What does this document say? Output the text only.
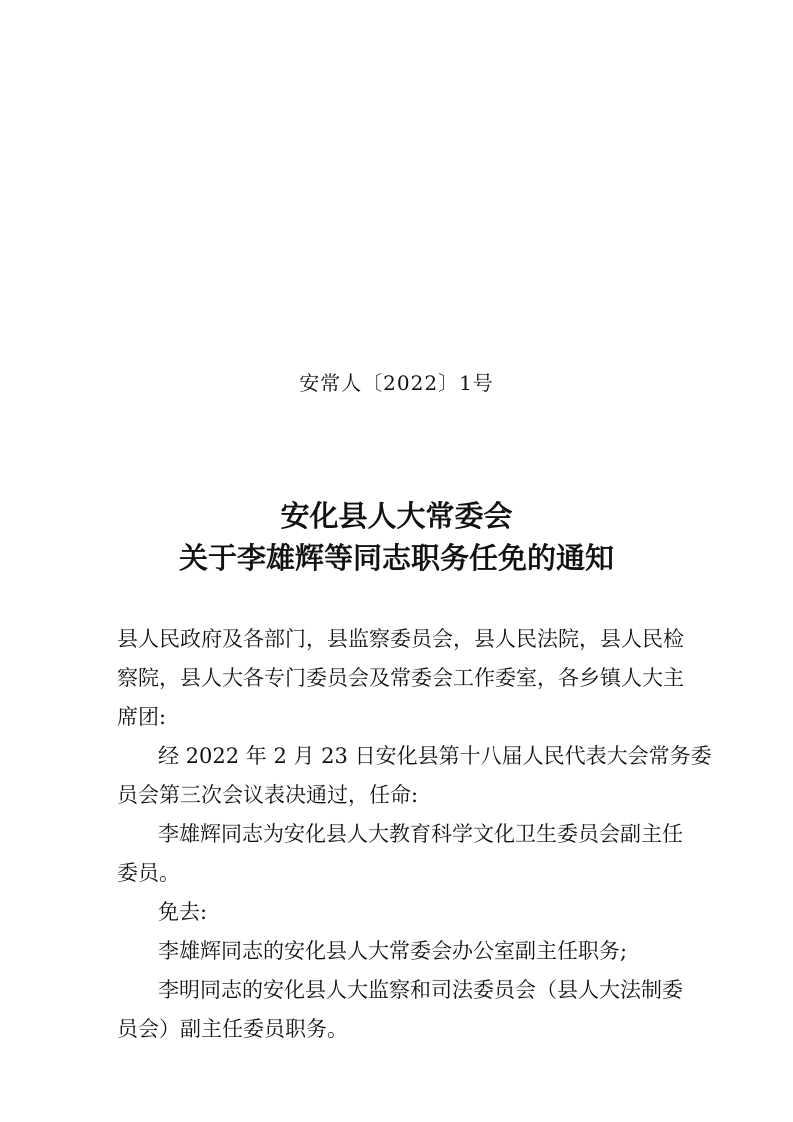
安常人〔2022〕1号
安化县人大常委会
关于李雄辉等同志职务任免的通知
县人民政府及各部门，县监察委员会，县人民法院，县人民检
察院，县人大各专门委员会及常委会工作委室，各乡镇人大主
席团:
经 2022 年 2 月 23 日安化县第十八届人民代表大会常务委
员会第三次会议表决通过，任命:
李雄辉同志为安化县人大教育科学文化卫生委员会副主任
委员。
免去:
李雄辉同志的安化县人大常委会办公室副主任职务;
李明同志的安化县人大监察和司法委员会（县人大法制委
员会）副主任委员职务。
